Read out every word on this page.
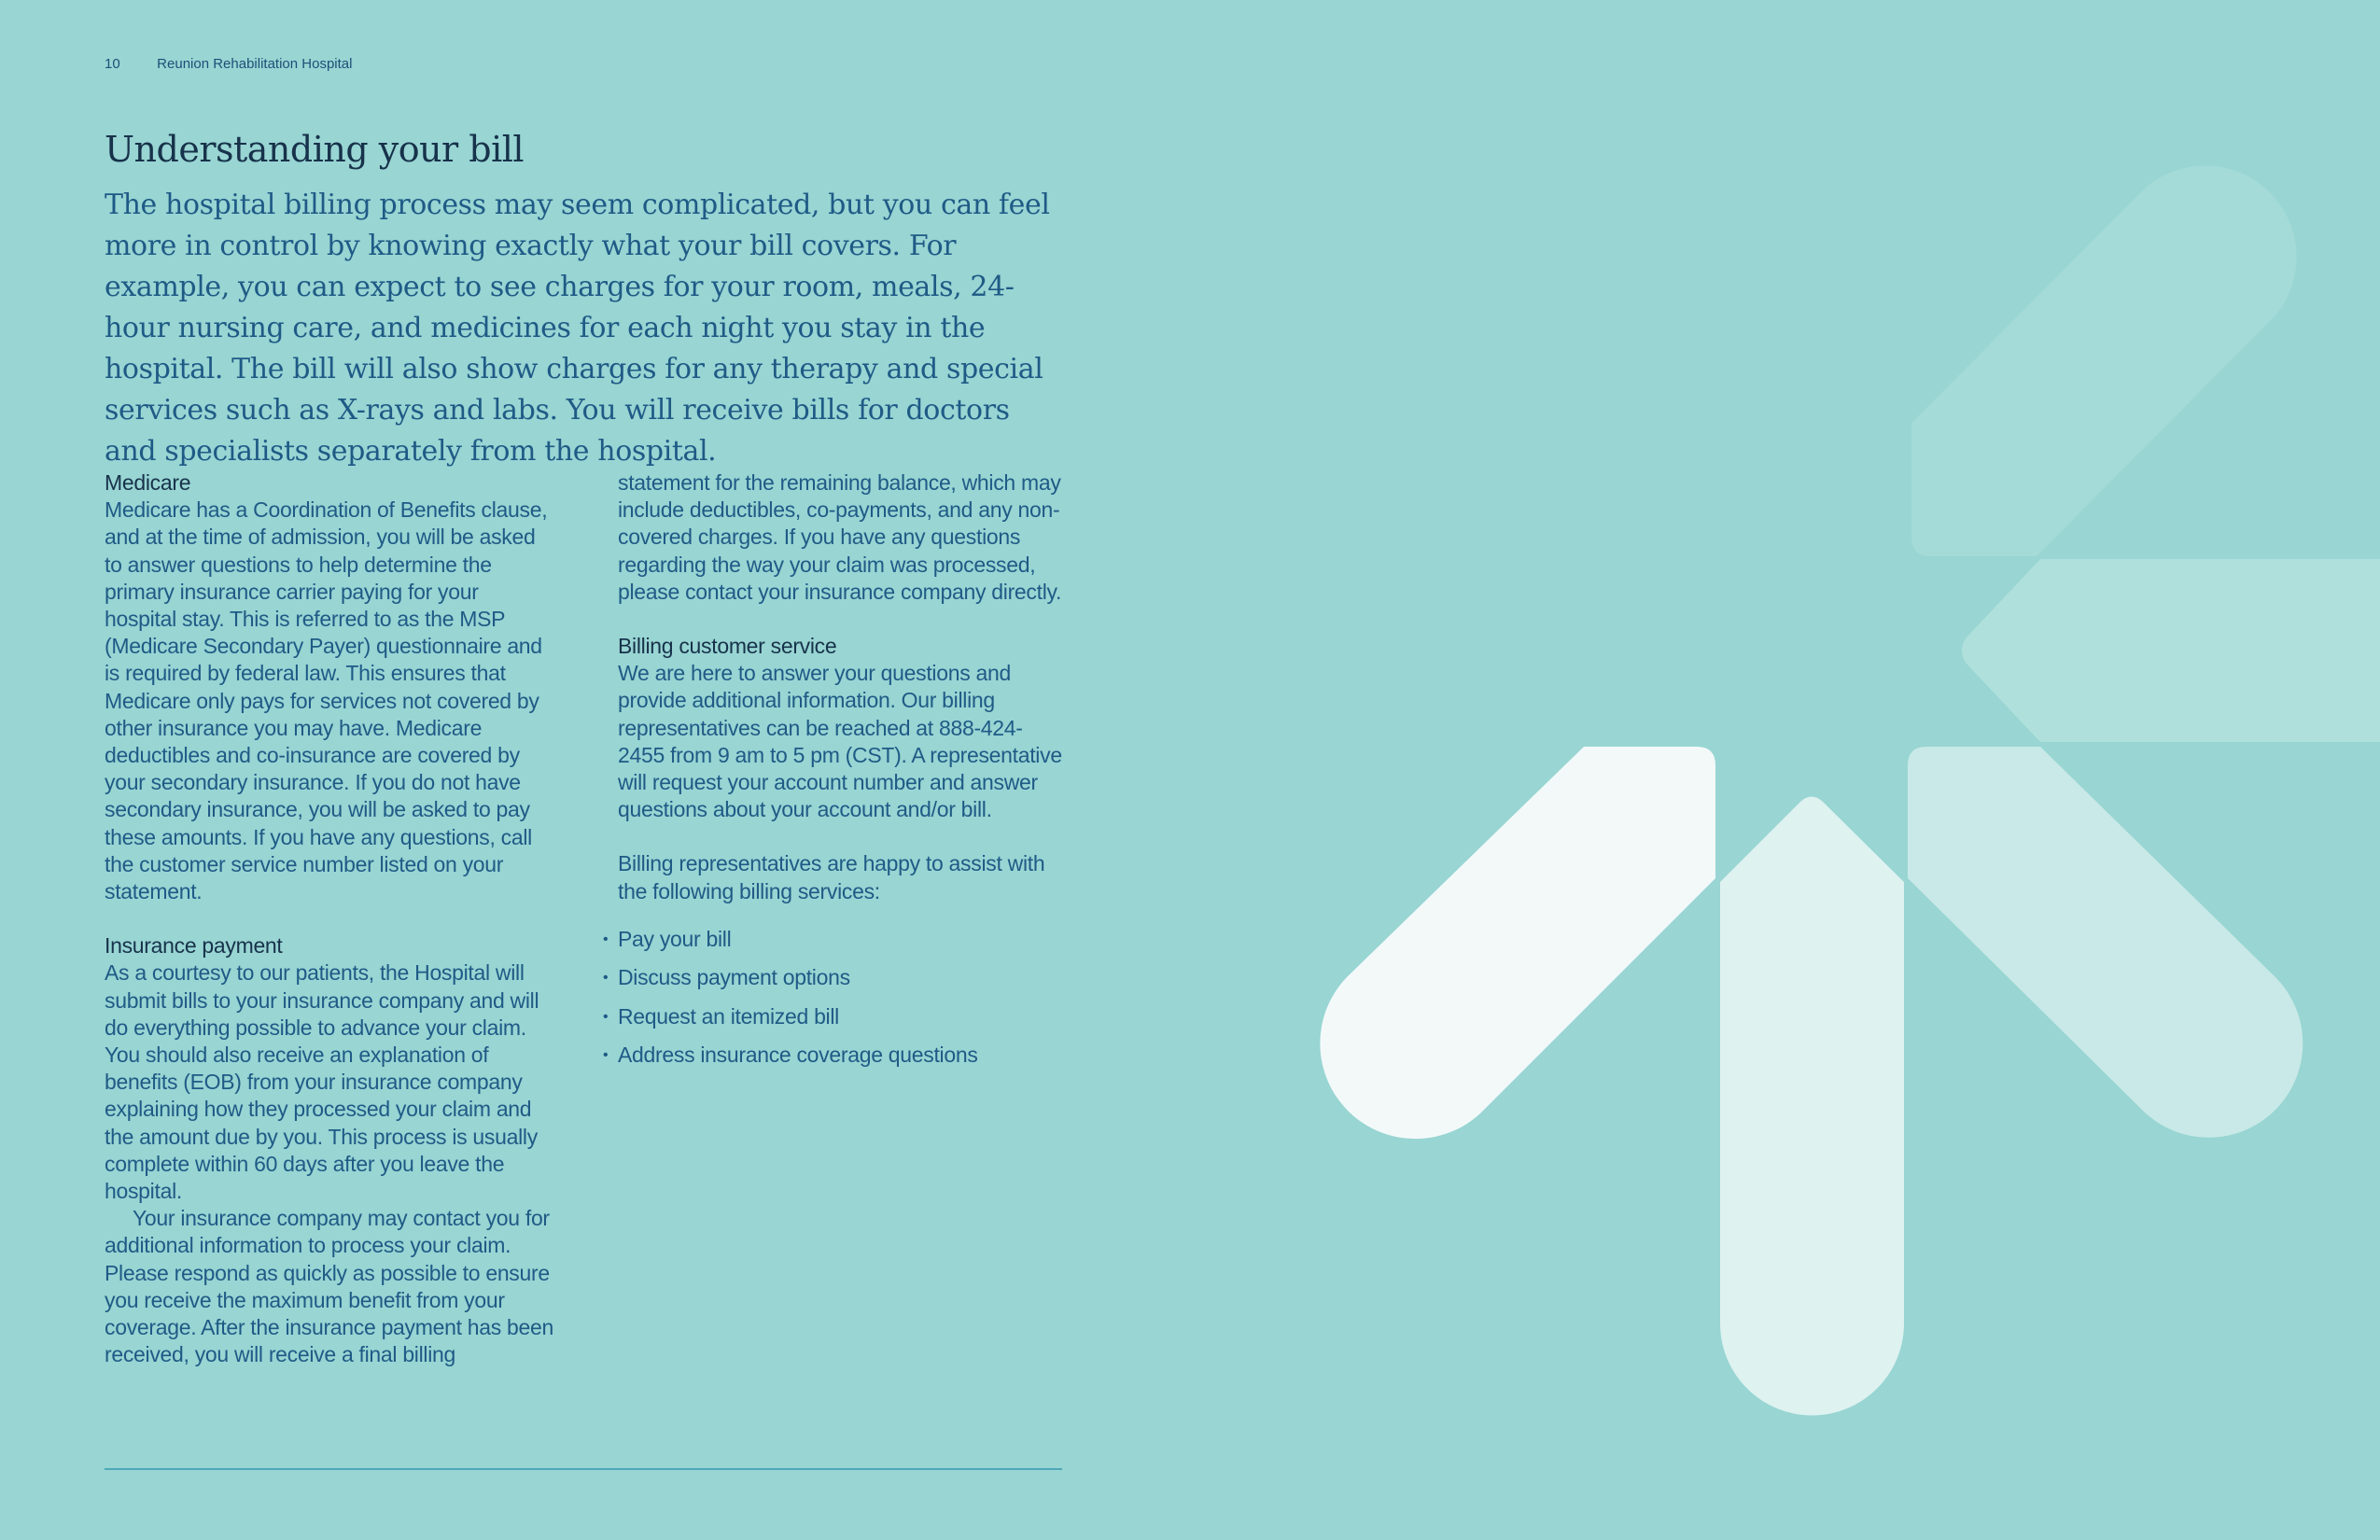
10	Reunion Rehabilitation Hospital
Understanding your bill

The hospital billing process may seem complicated, but you can feel more in control by knowing exactly what your bill covers. For example, you can expect to see charges for your room, meals, 24-hour nursing care, and medicines for each night you stay in the hospital. The bill will also show charges for any therapy and special services such as X-rays and labs. You will receive bills for doctors and specialists separately from the hospital.

Medicare

Medicare has a Coordination of Benefits clause, and at the time of admission, you will be asked to answer questions to help determine the primary insurance carrier paying for your hospital stay. This is referred to as the MSP (Medicare Secondary Payer) questionnaire and is required by federal law. This ensures that Medicare only pays for services not covered by other insurance you may have. Medicare deductibles and co-insurance are covered by your secondary insurance. If you do not have secondary insurance, you will be asked to pay these amounts. If you have any questions, call the customer service number listed on your statement.

Insurance payment

As a courtesy to our patients, the Hospital will submit bills to your insurance company and will do everything possible to advance your claim. You should also receive an explanation of benefits (EOB) from your insurance company explaining how they processed your claim and the amount due by you. This process is usually complete within 60 days after you leave the hospital.

Your insurance company may contact you for additional information to process your claim. Please respond as quickly as possible to ensure you receive the maximum benefit from your coverage. After the insurance payment has been received, you will receive a final billing

statement for the remaining balance, which may include deductibles, co-payments, and any non-covered charges. If you have any questions regarding the way your claim was processed, please contact your insurance company directly.

Billing customer service

We are here to answer your questions and provide additional information. Our billing representatives can be reached at 888-424-2455 from 9 am to 5 pm (CST). A representative will request your account number and answer questions about your account and/or bill.

Billing representatives are happy to assist with the following billing services:

• Pay your bill
• Discuss payment options
• Request an itemized bill
• Address insurance coverage questions
